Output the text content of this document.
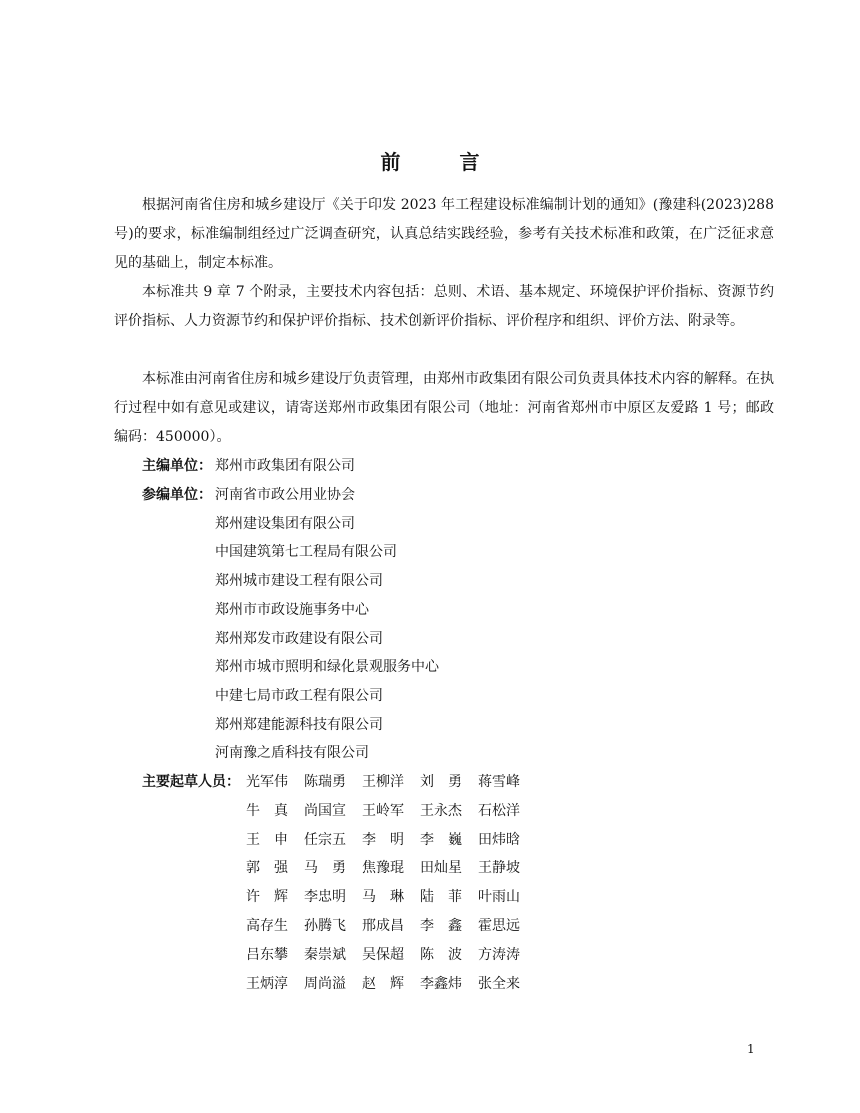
前 言

根据河南省住房和城乡建设厅《关于印发 2023 年工程建设标准编制计划的通知》(豫建科(2023)288 号)的要求，标准编制组经过广泛调查研究，认真总结实践经验，参考有关技术标准和政策，在广泛征求意见的基础上，制定本标准。

本标准共 9 章 7 个附录，主要技术内容包括：总则、术语、基本规定、环境保护评价指标、资源节约评价指标、人力资源节约和保护评价指标、技术创新评价指标、评价程序和组织、评价方法、附录等。

本标准由河南省住房和城乡建设厅负责管理，由郑州市政集团有限公司负责具体技术内容的解释。在执行过程中如有意见或建议，请寄送郑州市政集团有限公司（地址：河南省郑州市中原区友爱路 1 号；邮政编码：450000）。

主编单位： 郑州市政集团有限公司
参编单位： 河南省市政公用业协会
郑州建设集团有限公司
中国建筑第七工程局有限公司
郑州城市建设工程有限公司
郑州市市政设施事务中心
郑州郑发市政建设有限公司
郑州市城市照明和绿化景观服务中心
中建七局市政工程有限公司
郑州郑建能源科技有限公司
河南豫之盾科技有限公司
主要起草人员： 光军伟	陈瑞勇	王柳洋	刘　勇	蒋雪峰
牛　真	尚国宣	王岭军	王永杰	石松洋
王　申	任宗五	李　明	李　巍	田炜晗
郭　强	马　勇	焦豫琨	田灿星	王静坡
许　辉	李忠明	马　琳	陆　菲	叶雨山
高存生	孙腾飞	邢成昌	李　鑫	霍思远
吕东攀	秦崇斌	吴保超	陈　波	方涛涛
王炳淳	周尚溢	赵　辉	李鑫炜	张全来
1
